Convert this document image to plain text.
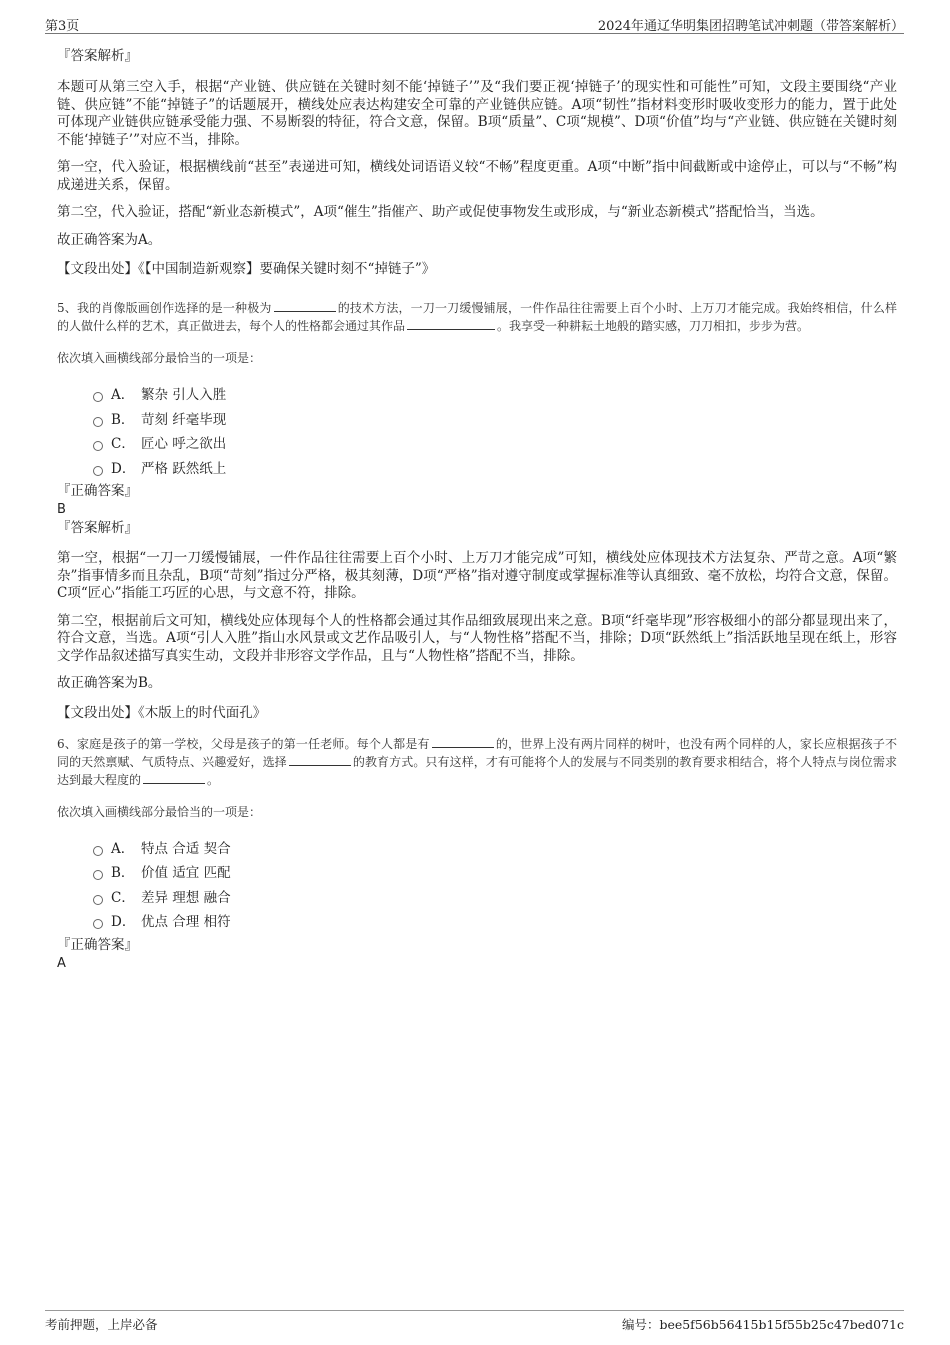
第3页	2024年通辽华明集团招聘笔试冲刺题（带答案解析）

『答案解析』

本题可从第三空入手，根据“产业链、供应链在关键时刻不能‘掉链子’”及“我们要正视‘掉链子’的现实性和可能性”可知，文段主要围绕“产业链、供应链”不能“掉链子”的话题展开，横线处应表达构建安全可靠的产业链供应链。A项“韧性”指材料变形时吸收变形力的能力，置于此处可体现产业链供应链承受能力强、不易断裂的特征，符合文意，保留。B项“质量”、C项“规模”、D项“价值”均与“产业链、供应链在关键时刻不能‘掉链子’”对应不当，排除。

第一空，代入验证，根据横线前“甚至”表递进可知，横线处词语语义较“不畅”程度更重。A项“中断”指中间截断或中途停止，可以与“不畅”构成递进关系，保留。

第二空，代入验证，搭配“新业态新模式”，A项“催生”指催产、助产或促使事物发生或形成，与“新业态新模式”搭配恰当，当选。

故正确答案为A。

【文段出处】《【中国制造新观察】要确保关键时刻不“掉链子”》

5、我的肖像版画创作选择的是一种极为	的技术方法，一刀一刀缓慢铺展，一件作品往往需要上百个小时、上万刀才能完成。我始终相信，什么样的人做什么样的艺术，真正做进去，每个人的性格都会通过其作品	。我享受一种耕耘土地般的踏实感，刀刀相扣，步步为营。

依次填入画横线部分最恰当的一项是：

A． 繁杂 引人入胜
B． 苛刻 纤毫毕现
C． 匠心 呼之欲出
D． 严格 跃然纸上

『正确答案』

B

『答案解析』

第一空，根据“一刀一刀缓慢铺展，一件作品往往需要上百个小时、上万刀才能完成”可知，横线处应体现技术方法复杂、严苛之意。A项“繁杂”指事情多而且杂乱，B项“苛刻”指过分严格，极其刻薄，D项“严格”指对遵守制度或掌握标准等认真细致、毫不放松，均符合文意，保留。C项“匠心”指能工巧匠的心思，与文意不符，排除。

第二空，根据前后文可知，横线处应体现每个人的性格都会通过其作品细致展现出来之意。B项“纤毫毕现”形容极细小的部分都显现出来了，符合文意，当选。A项“引人入胜”指山水风景或文艺作品吸引人，与“人物性格”搭配不当，排除；D项“跃然纸上”指活跃地呈现在纸上，形容文学作品叙述描写真实生动，文段并非形容文学作品，且与“人物性格”搭配不当，排除。

故正确答案为B。

【文段出处】《木版上的时代面孔》

6、家庭是孩子的第一学校，父母是孩子的第一任老师。每个人都是有	的，世界上没有两片同样的树叶，也没有两个同样的人，家长应根据孩子不同的天然禀赋、气质特点、兴趣爱好，选择	的教育方式。只有这样，才有可能将个人的发展与不同类别的教育要求相结合，将个人特点与岗位需求达到最大程度的	。

依次填入画横线部分最恰当的一项是：

A． 特点 合适 契合
B． 价值 适宜 匹配
C． 差异 理想 融合
D． 优点 合理 相符

『正确答案』

A

考前押题，上岸必备	编号：bee5f56b56415b15f55b25c47bed071c
